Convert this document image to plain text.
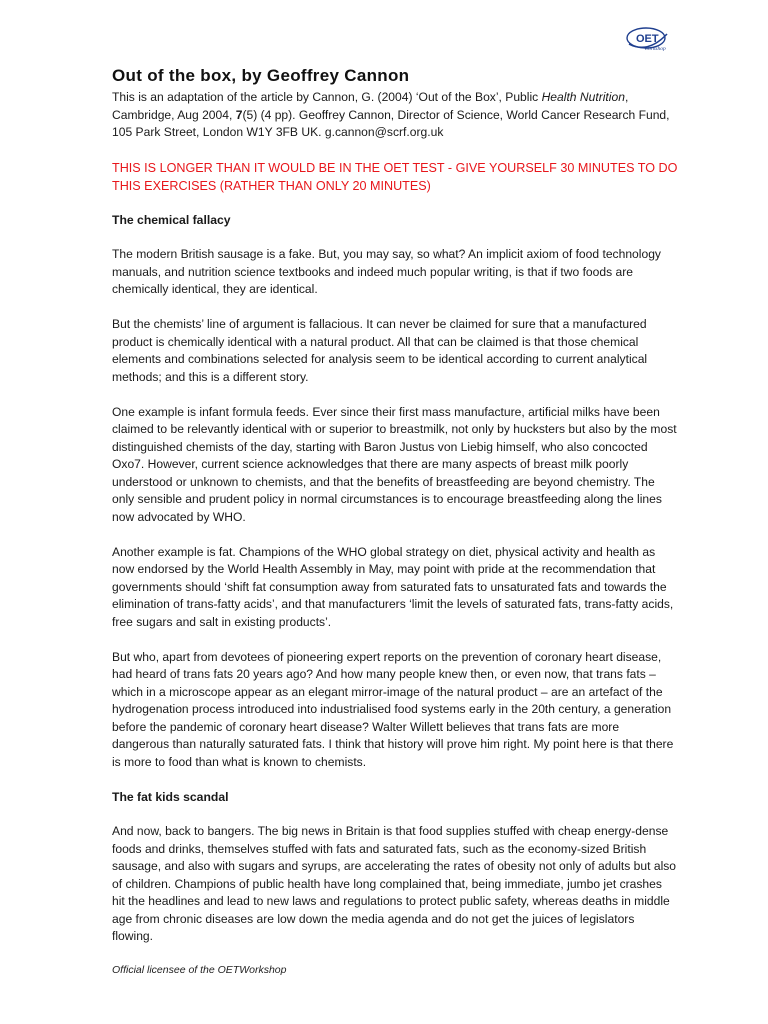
OET
Workshop
Out of the box, by Geoffrey Cannon

This is an adaptation of the article by Cannon, G. (2004) ‘Out of the Box’, Public Health Nutrition, Cambridge, Aug 2004, 7(5) (4 pp). Geoffrey Cannon, Director of Science, World Cancer Research Fund, 105 Park Street, London W1Y 3FB UK. g.cannon@scrf.org.uk

THIS IS LONGER THAN IT WOULD BE IN THE OET TEST - GIVE YOURSELF 30 MINUTES TO DO THIS EXERCISES (RATHER THAN ONLY 20 MINUTES)

The chemical fallacy

The modern British sausage is a fake. But, you may say, so what? An implicit axiom of food technology manuals, and nutrition science textbooks and indeed much popular writing, is that if two foods are chemically identical, they are identical.

But the chemists’ line of argument is fallacious. It can never be claimed for sure that a manufactured product is chemically identical with a natural product. All that can be claimed is that those chemical elements and combinations selected for analysis seem to be identical according to current analytical methods; and this is a different story.

One example is infant formula feeds. Ever since their first mass manufacture, artificial milks have been claimed to be relevantly identical with or superior to breastmilk, not only by hucksters but also by the most distinguished chemists of the day, starting with Baron Justus von Liebig himself, who also concocted Oxo7. However, current science acknowledges that there are many aspects of breast milk poorly understood or unknown to chemists, and that the benefits of breastfeeding are beyond chemistry. The only sensible and prudent policy in normal circumstances is to encourage breastfeeding along the lines now advocated by WHO.

Another example is fat. Champions of the WHO global strategy on diet, physical activity and health as now endorsed by the World Health Assembly in May, may point with pride at the recommendation that governments should ‘shift fat consumption away from saturated fats to unsaturated fats and towards the elimination of trans-fatty acids’, and that manufacturers ‘limit the levels of saturated fats, trans-fatty acids, free sugars and salt in existing products’.

But who, apart from devotees of pioneering expert reports on the prevention of coronary heart disease, had heard of trans fats 20 years ago? And how many people knew then, or even now, that trans fats – which in a microscope appear as an elegant mirror-image of the natural product – are an artefact of the hydrogenation process introduced into industrialised food systems early in the 20th century, a generation before the pandemic of coronary heart disease? Walter Willett believes that trans fats are more dangerous than naturally saturated fats. I think that history will prove him right. My point here is that there is more to food than what is known to chemists.

The fat kids scandal

And now, back to bangers. The big news in Britain is that food supplies stuffed with cheap energy-dense foods and drinks, themselves stuffed with fats and saturated fats, such as the economy-sized British sausage, and also with sugars and syrups, are accelerating the rates of obesity not only of adults but also of children. Champions of public health have long complained that, being immediate, jumbo jet crashes hit the headlines and lead to new laws and regulations to protect public safety, whereas deaths in middle age from chronic diseases are low down the media agenda and do not get the juices of legislators flowing.

Official licensee of the OETWorkshop
